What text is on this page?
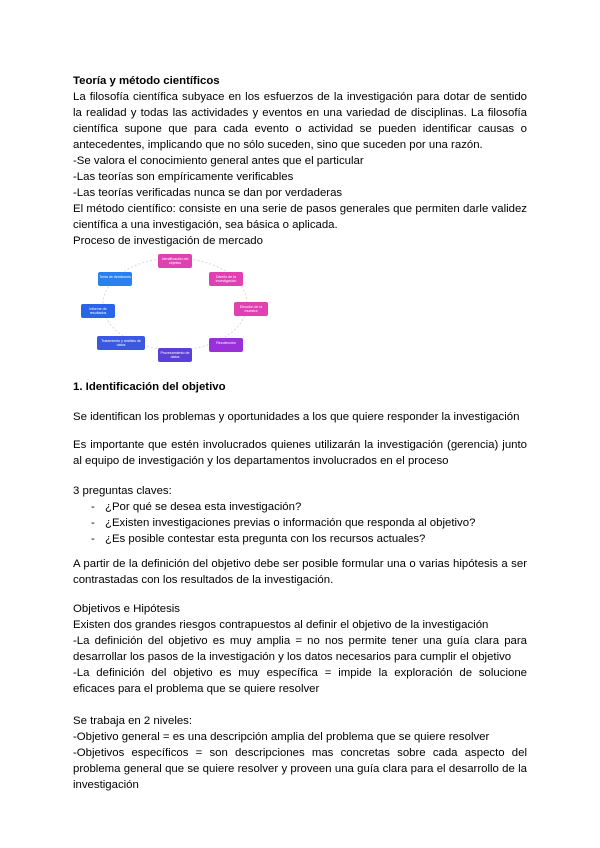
Teoría y método científicos

La filosofía científica subyace en los esfuerzos de la investigación para dotar de sentido la realidad y todas las actividades y eventos en una variedad de disciplinas. La filosofía científica supone que para cada evento o actividad se pueden identificar causas o antecedentes, implicando que no sólo suceden, sino que suceden por una razón.

-Se valora el conocimiento general antes que el particular

-Las teorías son empíricamente verificables

-Las teorías verificadas nunca se dan por verdaderas

El método científico: consiste en una serie de pasos generales que permiten darle validez científica a una investigación, sea básica o aplicada.

Proceso de investigación de mercado

Identificación del objetivo
Diseño de la investigación
Elección de la muestra
Recolección
Procesamiento de datos
Tratamiento y análisis de datos
Informe de resultados
Toma de decisiones
1. Identificación del objetivo

Se identifican los problemas y oportunidades a los que quiere responder la investigación

Es importante que estén involucrados quienes utilizarán la investigación (gerencia) junto al equipo de investigación y los departamentos involucrados en el proceso

3 preguntas claves:

- ¿Por qué se desea esta investigación?
- ¿Existen investigaciones previas o información que responda al objetivo?
- ¿Es posible contestar esta pregunta con los recursos actuales?

A partir de la definición del objetivo debe ser posible formular una o varias hipótesis a ser contrastadas con los resultados de la investigación.

Objetivos e Hipótesis

Existen dos grandes riesgos contrapuestos al definir el objetivo de la investigación

-La definición del objetivo es muy amplia = no nos permite tener una guía clara para desarrollar los pasos de la investigación y los datos necesarios para cumplir el objetivo

-La definición del objetivo es muy específica = impide la exploración de solucione eficaces para el problema que se quiere resolver

Se trabaja en 2 niveles:

-Objetivo general = es una descripción amplia del problema que se quiere resolver

-Objetivos específicos = son descripciones mas concretas sobre cada aspecto del problema general que se quiere resolver y proveen una guía clara para el desarrollo de la investigación
